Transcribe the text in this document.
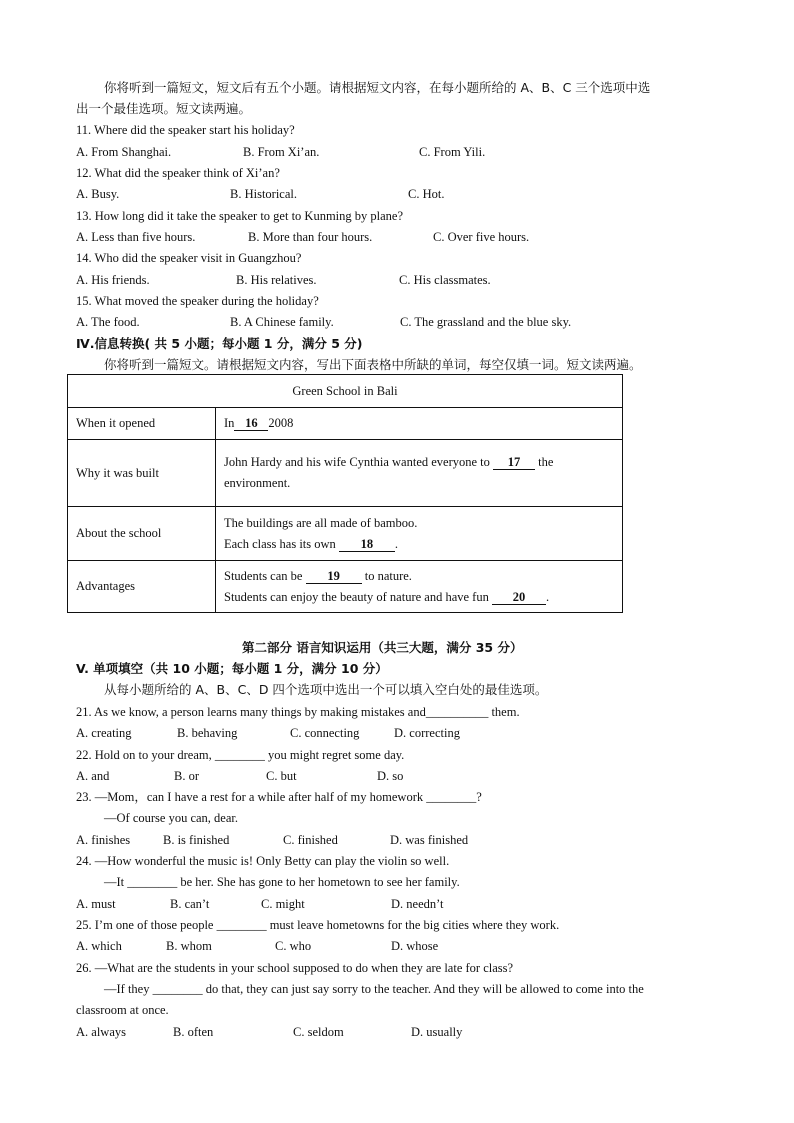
你将听到一篇短文，短文后有五个小题。请根据短文内容，在每小题所给的 A、B、C 三个选项中选
出一个最佳选项。短文读两遍。
11. Where did the speaker start his holiday?
A. From Shanghai.	B. From Xi’an.	C. From Yili.
12. What did the speaker think of Xi’an?
A. Busy.	B. Historical.	C. Hot.
13. How long did it take the speaker to get to Kunming by plane?
A. Less than five hours.	B. More than four hours.	C. Over five hours.
14. Who did the speaker visit in Guangzhou?
A. His friends.	B. His relatives.	C. His classmates.
15. What moved the speaker during the holiday?
A. The food.	B. A Chinese family.	C. The grassland and the blue sky.
Ⅳ.信息转换( 共 5 小题；每小题 1 分，满分 5 分)
你将听到一篇短文。请根据短文内容，写出下面表格中所缺的单词，每空仅填一词。短文读两遍。
Green School in Bali	
When it opened	In 16 2008
Why it was built	John Hardy and his wife Cynthia wanted everyone to 17 the
environment.

About the school	The buildings are all made of bamboo.
Each class has its own 18 .

Advantages	Students can be 19 to nature.
Students can enjoy the beauty of nature and have fun 20 .
第二部分 语言知识运用（共三大题，满分 35 分）
V. 单项填空（共 10 小题；每小题 1 分，满分 10 分）
从每小题所给的 A、B、C、D 四个选项中选出一个可以填入空白处的最佳选项。
21. As we know, a person learns many things by making mistakes and__________ them.
A. creating	B. behaving	C. connecting	D. correcting
22. Hold on to your dream, ________ you might regret some day.
A. and	B. or	C. but	D. so
23. —Mom，can I have a rest for a while after half of my homework ________?
—Of course you can, dear.
A. finishes	B. is finished	C. finished	D. was finished
24. —How wonderful the music is! Only Betty can play the violin so well.
—It ________ be her. She has gone to her hometown to see her family.
A. must	B. can’t	C. might	D. needn’t
25. I’m one of those people ________ must leave hometowns for the big cities where they work.
A. which	B. whom	C. who	D. whose
26. —What are the students in your school supposed to do when they are late for class?
—If they ________ do that, they can just say sorry to the teacher. And they will be allowed to come into the
classroom at once.
A. always	B. often	C. seldom	D. usually
